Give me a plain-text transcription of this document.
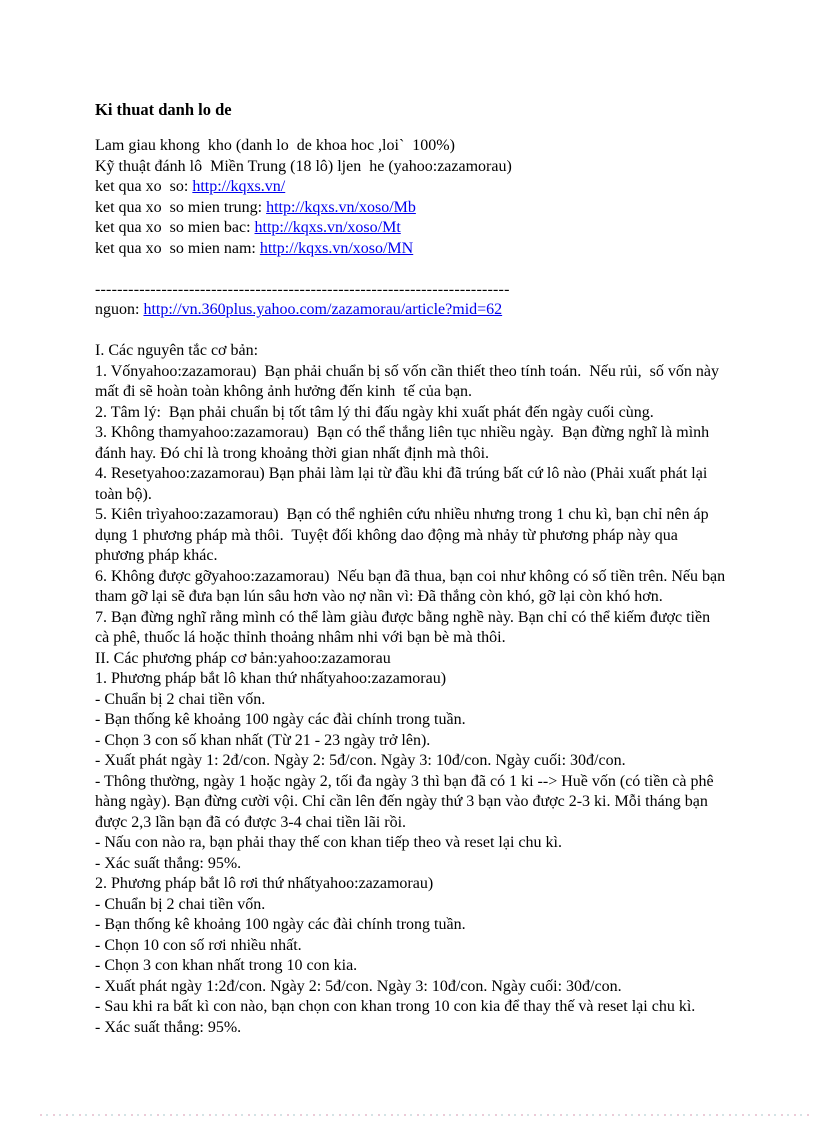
Ki thuat danh lo de
Lam giau khong  kho (danh lo  de khoa hoc ,loi`  100%)
Kỹ thuật đánh lô  Miền Trung (18 lô) ljen  he (yahoo:zazamorau)
ket qua xo  so: http://kqxs.vn/
ket qua xo  so mien trung: http://kqxs.vn/xoso/Mb
ket qua xo  so mien bac: http://kqxs.vn/xoso/Mt
ket qua xo  so mien nam: http://kqxs.vn/xoso/MN
---------------------------------------------------------------------------
nguon: http://vn.360plus.yahoo.com/zazamorau/article?mid=62
I. Các nguyên tắc cơ bản:
1. Vốnyahoo:zazamorau)  Bạn phải chuẩn bị số vốn cần thiết theo tính toán.  Nếu rủi,  số vốn này mất đi sẽ hoàn toàn không ảnh hưởng đến kinh  tế của bạn.
2. Tâm lý:  Bạn phải chuẩn bị tốt tâm lý thi đấu ngày khi xuất phát đến ngày cuối cùng.
3. Không thamyahoo:zazamorau)  Bạn có thể thắng liên tục nhiều ngày.  Bạn đừng nghĩ là mình đánh hay. Đó chỉ là trong khoảng thời gian nhất định mà thôi.
4. Resetyahoo:zazamorau) Bạn phải làm lại từ đầu khi đã trúng bất cứ lô nào (Phải xuất phát lại toàn bộ).
5. Kiên trìyahoo:zazamorau)  Bạn có thể nghiên cứu nhiều nhưng trong 1 chu kì, bạn chỉ nên áp dụng 1 phương pháp mà thôi.  Tuyệt đối không dao động mà nhảy từ phương pháp này qua phương pháp khác.
6. Không được gỡyahoo:zazamorau)  Nếu bạn đã thua, bạn coi như không có số tiền trên. Nếu bạn tham gỡ lại sẽ đưa bạn lún sâu hơn vào nợ nần vì: Đã thắng còn khó, gỡ lại còn khó hơn.
7. Bạn đừng nghĩ rằng mình có thể làm giàu được bằng nghề này. Bạn chỉ có thể kiếm được tiền cà phê, thuốc lá hoặc thỉnh thoảng nhâm nhi với bạn bè mà thôi.
II. Các phương pháp cơ bản:yahoo:zazamorau
1. Phương pháp bắt lô khan thứ nhấtyahoo:zazamorau)
- Chuẩn bị 2 chai tiền vốn.
- Bạn thống kê khoảng 100 ngày các đài chính trong tuần.
- Chọn 3 con số khan nhất (Từ 21 - 23 ngày trở lên).
- Xuất phát ngày 1: 2đ/con. Ngày 2: 5đ/con. Ngày 3: 10đ/con. Ngày cuối: 30đ/con.
- Thông thường, ngày 1 hoặc ngày 2, tối đa ngày 3 thì bạn đã có 1 ki --> Huề vốn (có tiền cà phê hàng ngày). Bạn đừng cười vội. Chỉ cần lên đến ngày thứ 3 bạn vào được 2-3 ki. Mỗi tháng bạn được 2,3 lần bạn đã có được 3-4 chai tiền lãi rồi.
- Nấu con nào ra, bạn phải thay thế con khan tiếp theo và reset lại chu kì.
- Xác suất thắng: 95%.
2. Phương pháp bắt lô rơi thứ nhấtyahoo:zazamorau)
- Chuẩn bị 2 chai tiền vốn.
- Bạn thống kê khoảng 100 ngày các đài chính trong tuần.
- Chọn 10 con số rơi nhiều nhất.
- Chọn 3 con khan nhất trong 10 con kia.
- Xuất phát ngày 1:2đ/con. Ngày 2: 5đ/con. Ngày 3: 10đ/con. Ngày cuối: 30đ/con.
- Sau khi ra bất kì con nào, bạn chọn con khan trong 10 con kia để thay thế và reset lại chu kì.
- Xác suất thắng: 95%.
